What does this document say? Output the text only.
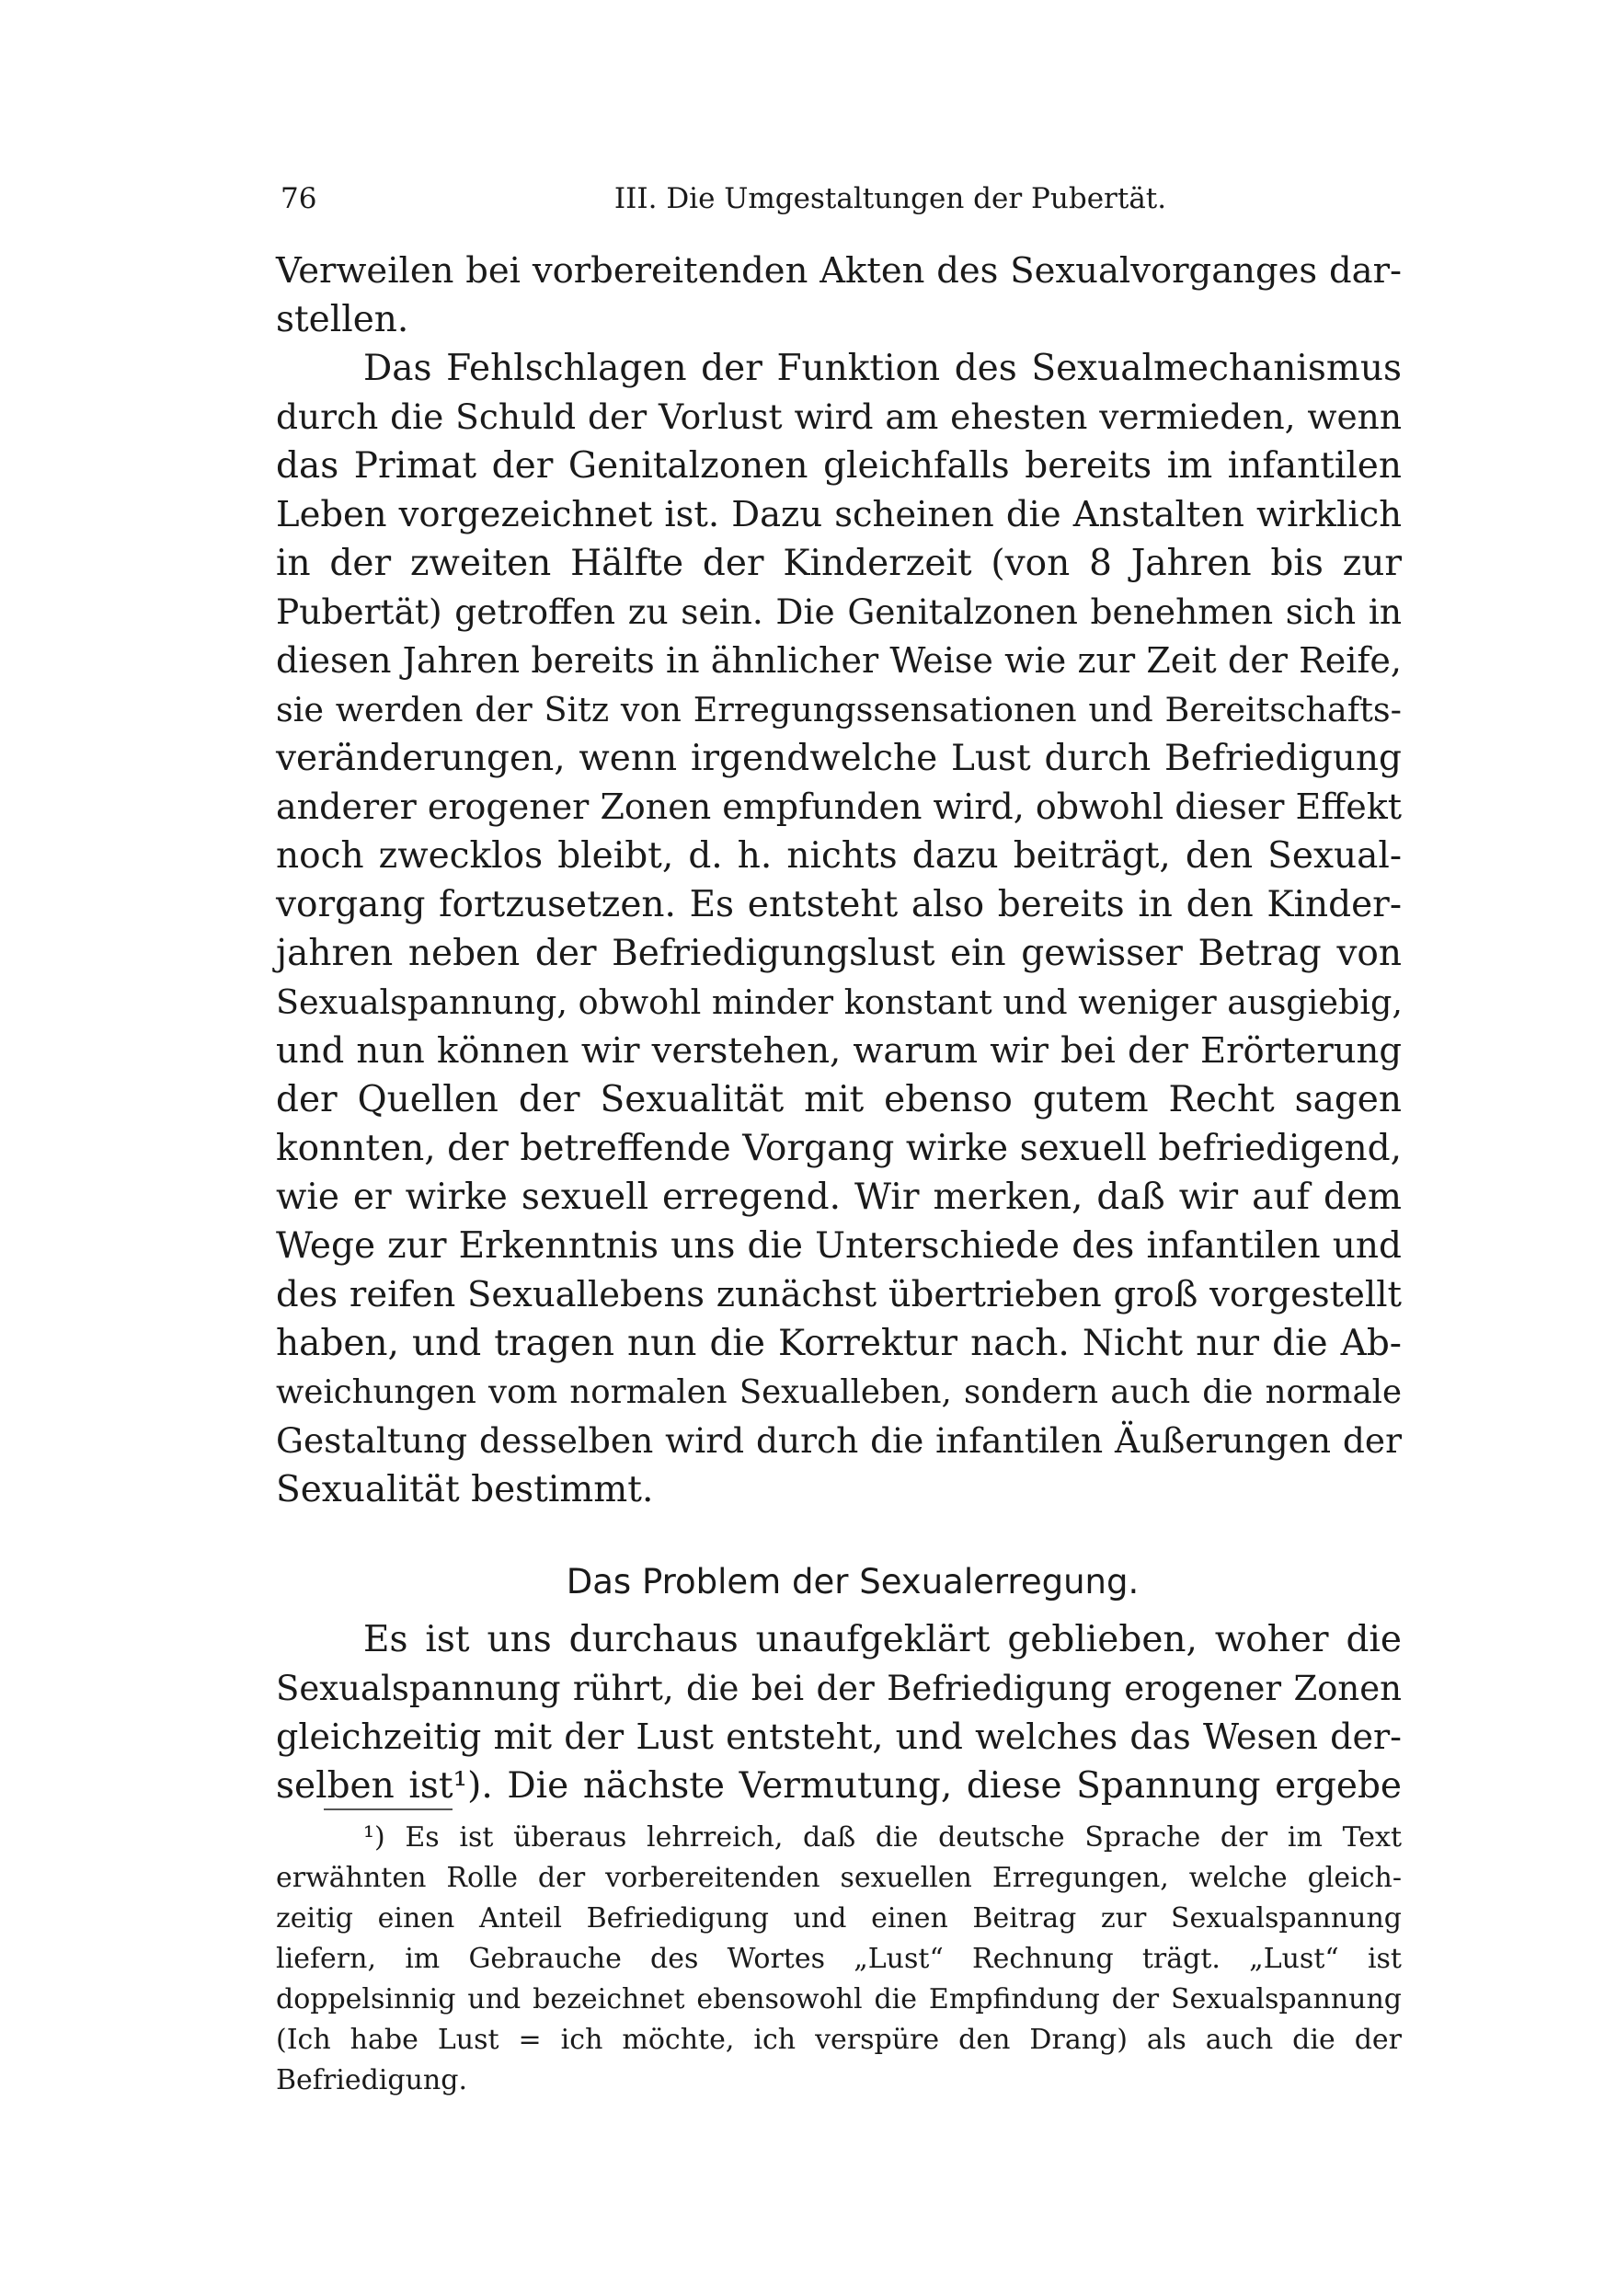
76	III. Die Umgestaltungen der Pubertät.
Verweilen bei vorbereitenden Akten des Sexualvorganges dar-
stellen.
Das Fehlschlagen der Funktion des Sexualmechanismus
durch die Schuld der Vorlust wird am ehesten vermieden, wenn
das Primat der Genitalzonen gleichfalls bereits im infantilen
Leben vorgezeichnet ist. Dazu scheinen die Anstalten wirklich
in der zweiten Hälfte der Kinderzeit (von 8 Jahren bis zur
Pubertät) getroffen zu sein. Die Genitalzonen benehmen sich in
diesen Jahren bereits in ähnlicher Weise wie zur Zeit der Reife,
sie werden der Sitz von Erregungssensationen und Bereitschafts-
veränderungen, wenn irgendwelche Lust durch Befriedigung
anderer erogener Zonen empfunden wird, obwohl dieser Effekt
noch zwecklos bleibt, d. h. nichts dazu beiträgt, den Sexual-
vorgang fortzusetzen. Es entsteht also bereits in den Kinder-
jahren neben der Befriedigungslust ein gewisser Betrag von
Sexualspannung, obwohl minder konstant und weniger ausgiebig,
und nun können wir verstehen, warum wir bei der Erörterung
der Quellen der Sexualität mit ebenso gutem Recht sagen
konnten, der betreffende Vorgang wirke sexuell befriedigend,
wie er wirke sexuell erregend. Wir merken, daß wir auf dem
Wege zur Erkenntnis uns die Unterschiede des infantilen und
des reifen Sexuallebens zunächst übertrieben groß vorgestellt
haben, und tragen nun die Korrektur nach. Nicht nur die Ab-
weichungen vom normalen Sexualleben, sondern auch die normale
Gestaltung desselben wird durch die infantilen Äußerungen der
Sexualität bestimmt.
Das Problem der Sexualerregung.
Es ist uns durchaus unaufgeklärt geblieben, woher die
Sexualspannung rührt, die bei der Befriedigung erogener Zonen
gleichzeitig mit der Lust entsteht, und welches das Wesen der-
selben ist¹). Die nächste Vermutung, diese Spannung ergebe
¹) Es ist überaus lehrreich, daß die deutsche Sprache der im Text
erwähnten Rolle der vorbereitenden sexuellen Erregungen, welche gleich-
zeitig einen Anteil Befriedigung und einen Beitrag zur Sexualspannung
liefern, im Gebrauche des Wortes „Lust“ Rechnung trägt. „Lust“ ist
doppelsinnig und bezeichnet ebensowohl die Empfindung der Sexualspannung
(Ich habe Lust = ich möchte, ich verspüre den Drang) als auch die der
Befriedigung.
